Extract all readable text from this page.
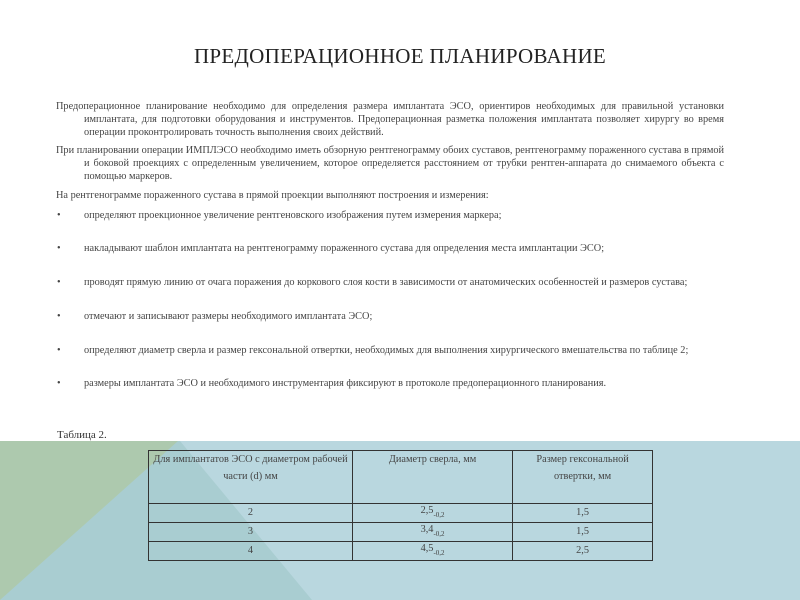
ПРЕДОПЕРАЦИОННОЕ ПЛАНИРОВАНИЕ

Предоперационное планирование необходимо для определения размера имплантата ЭСО, ориентиров необходимых для правильной установки имплантата, для подготовки оборудования и инструментов. Предоперационная разметка положения имплантата позволяет хирургу во время операции проконтролировать точность выполнения своих действий.

При планировании операции ИМПЛЭСО необходимо иметь обзорную рентгенограмму обоих суставов, рентгенограмму пораженного сустава в прямой и боковой проекциях с определенным увеличением, которое определяется расстоянием от трубки рентген-аппарата до снимаемого объекта с помощью маркеров.

На рентгенограмме пораженного сустава в прямой проекции выполняют построения и измерения:

• определяют проекционное увеличение рентгеновского изображения путем измерения маркера;
• накладывают шаблон имплантата на рентгенограмму пораженного сустава для определения места имплантации ЭСО;
• проводят прямую линию от очага поражения до коркового слоя кости в зависимости от анатомических особенностей и размеров сустава;
• отмечают и записывают размеры необходимого имплантата ЭСО;
• определяют диаметр сверла и размер гексональной отвертки, необходимых для выполнения хирургического вмешательства по таблице 2;
• размеры имплантата ЭСО и необходимого инструментария фиксируют в протоколе предоперационного планирования.
Таблица 2.
Для имплантатов ЭСО с диаметром рабочей части (d) мм	Диаметр сверла, мм	Размер гексональной отвертки, мм
2	$2,5_{-0,2}$	1,5
3	$3,4_{-0,2}$	1,5
4	$4,5_{-0,2}$	2,5
